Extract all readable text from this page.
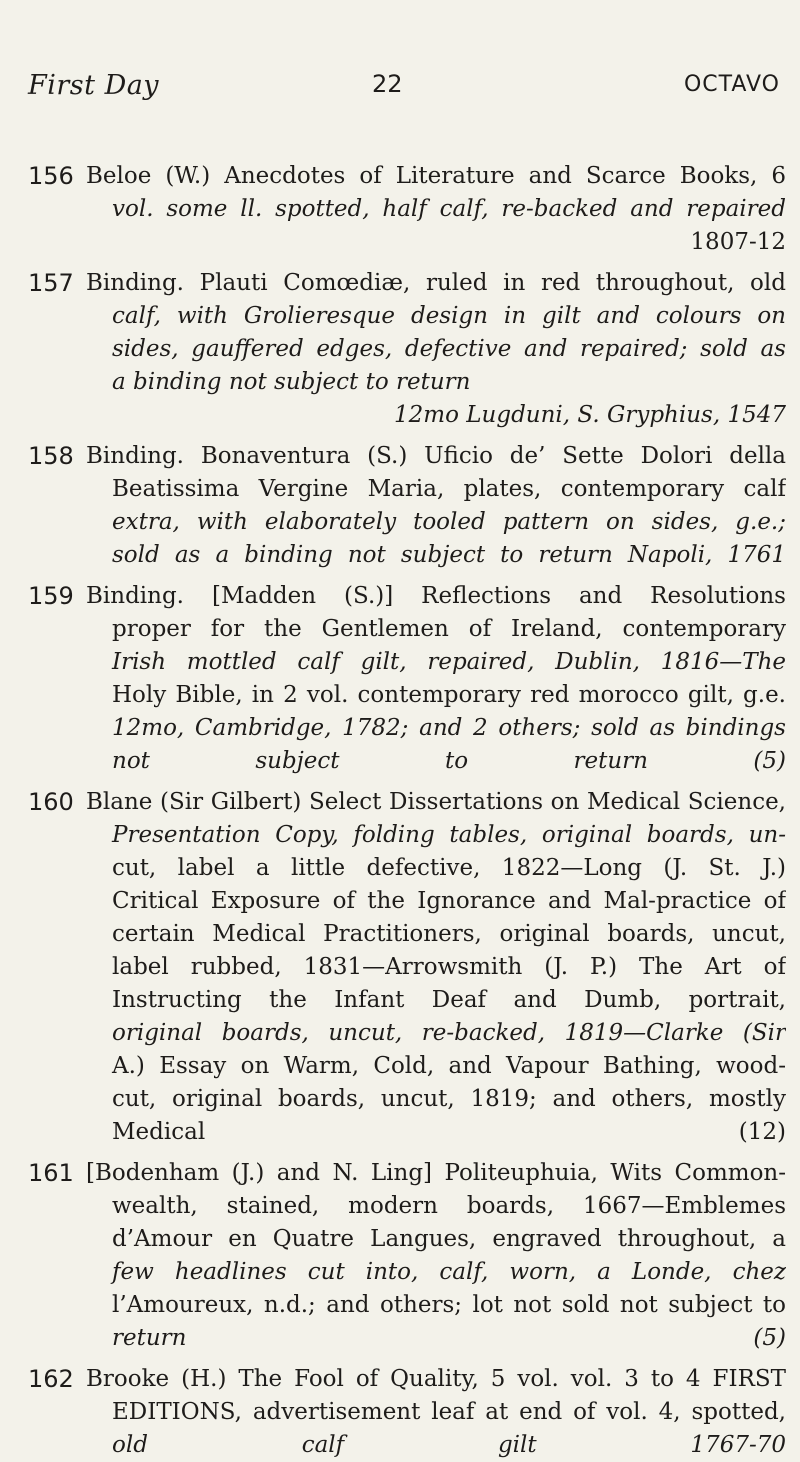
First Day	22	OCTAVO
156 Beloe (W.) Anecdotes of Literature and Scarce Books, 6
vol. some ll. spotted, half calf, re-backed and repaired
1807-12
157 Binding. Plauti Comœdiæ, ruled in red throughout, old
calf, with Grolieresque design in gilt and colours on
sides, gauffered edges, defective and repaired; sold as
a binding not subject to return
12mo Lugduni, S. Gryphius, 1547
158 Binding. Bonaventura (S.) Uficio de’ Sette Dolori della
Beatissima Vergine Maria, plates, contemporary calf
extra, with elaborately tooled pattern on sides, g.e.;
sold as a binding not subject to return Napoli, 1761
159 Binding. [Madden (S.)] Reflections and Resolutions
proper for the Gentlemen of Ireland, contemporary
Irish mottled calf gilt, repaired, Dublin, 1816—The
Holy Bible, in 2 vol. contemporary red morocco gilt, g.e.
12mo, Cambridge, 1782; and 2 others; sold as bindings
not subject to return (5)
160 Blane (Sir Gilbert) Select Dissertations on Medical Science,
Presentation Copy, folding tables, original boards, un-
cut, label a little defective, 1822—Long (J. St. J.)
Critical Exposure of the Ignorance and Mal-practice of
certain Medical Practitioners, original boards, uncut,
label rubbed, 1831—Arrowsmith (J. P.) The Art of
Instructing the Infant Deaf and Dumb, portrait,
original boards, uncut, re-backed, 1819—Clarke (Sir
A.) Essay on Warm, Cold, and Vapour Bathing, wood-
cut, original boards, uncut, 1819; and others, mostly
Medical (12)
161 [Bodenham (J.) and N. Ling] Politeuphuia, Wits Common-
wealth, stained, modern boards, 1667—Emblemes
d’Amour en Quatre Langues, engraved throughout, a
few headlines cut into, calf, worn, a Londe, chez
l’Amoureux, n.d.; and others; lot not sold not subject to
return (5)
162 Brooke (H.) The Fool of Quality, 5 vol. vol. 3 to 4 FIRST
EDITIONS, advertisement leaf at end of vol. 4, spotted,
old calf gilt 1767-70
